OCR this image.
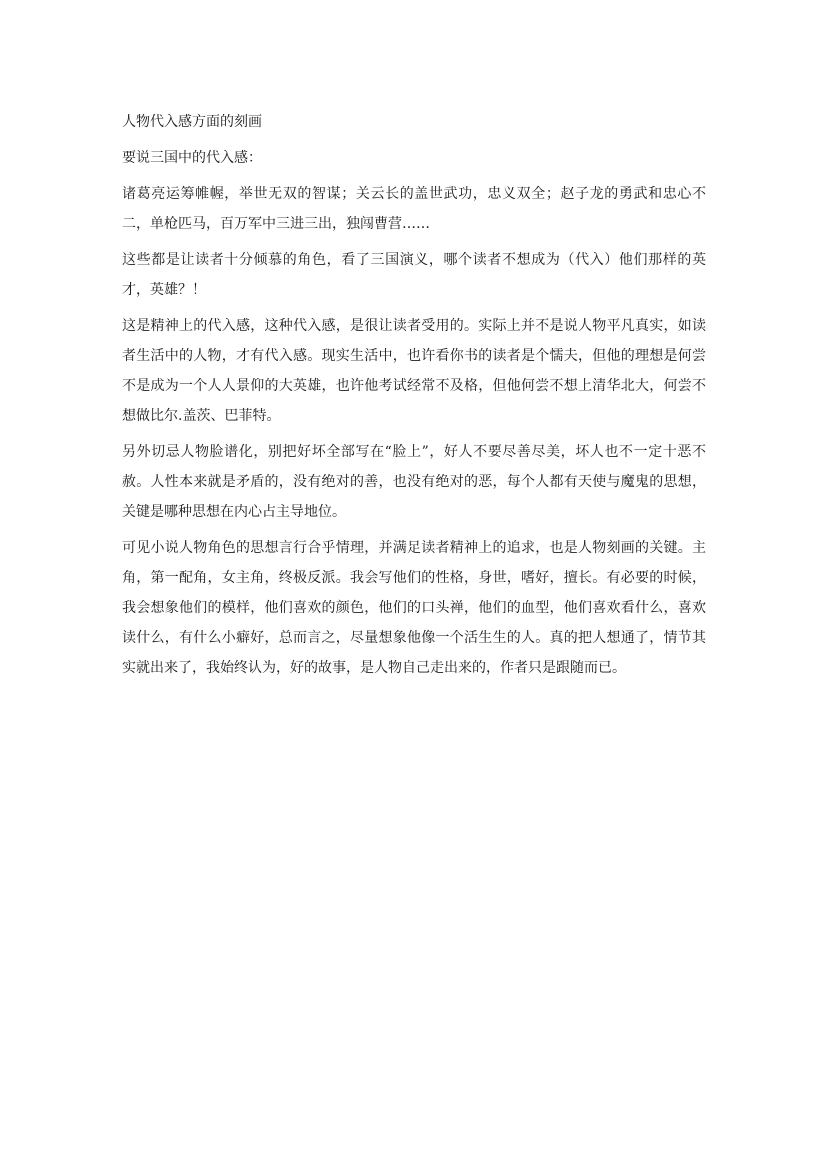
人物代入感方面的刻画

要说三国中的代入感：

诸葛亮运筹帷幄，举世无双的智谋；关云长的盖世武功，忠义双全；赵子龙的勇武和忠心不二，单枪匹马，百万军中三进三出，独闯曹营……

这些都是让读者十分倾慕的角色，看了三国演义，哪个读者不想成为（代入）他们那样的英才，英雄？！

这是精神上的代入感，这种代入感，是很让读者受用的。实际上并不是说人物平凡真实，如读者生活中的人物，才有代入感。现实生活中，也许看你书的读者是个懦夫，但他的理想是何尝不是成为一个人人景仰的大英雄，也许他考试经常不及格，但他何尝不想上清华北大，何尝不想做比尔.盖茨、巴菲特。

另外切忌人物脸谱化，别把好坏全部写在“脸上”，好人不要尽善尽美，坏人也不一定十恶不赦。人性本来就是矛盾的，没有绝对的善，也没有绝对的恶，每个人都有天使与魔鬼的思想，关键是哪种思想在内心占主导地位。

可见小说人物角色的思想言行合乎情理，并满足读者精神上的追求，也是人物刻画的关键。主角，第一配角，女主角，终极反派。我会写他们的性格，身世，嗜好，擅长。有必要的时候，我会想象他们的模样，他们喜欢的颜色，他们的口头禅，他们的血型，他们喜欢看什么，喜欢读什么，有什么小癖好，总而言之，尽量想象他像一个活生生的人。真的把人想通了，情节其实就出来了，我始终认为，好的故事，是人物自己走出来的，作者只是跟随而已。
